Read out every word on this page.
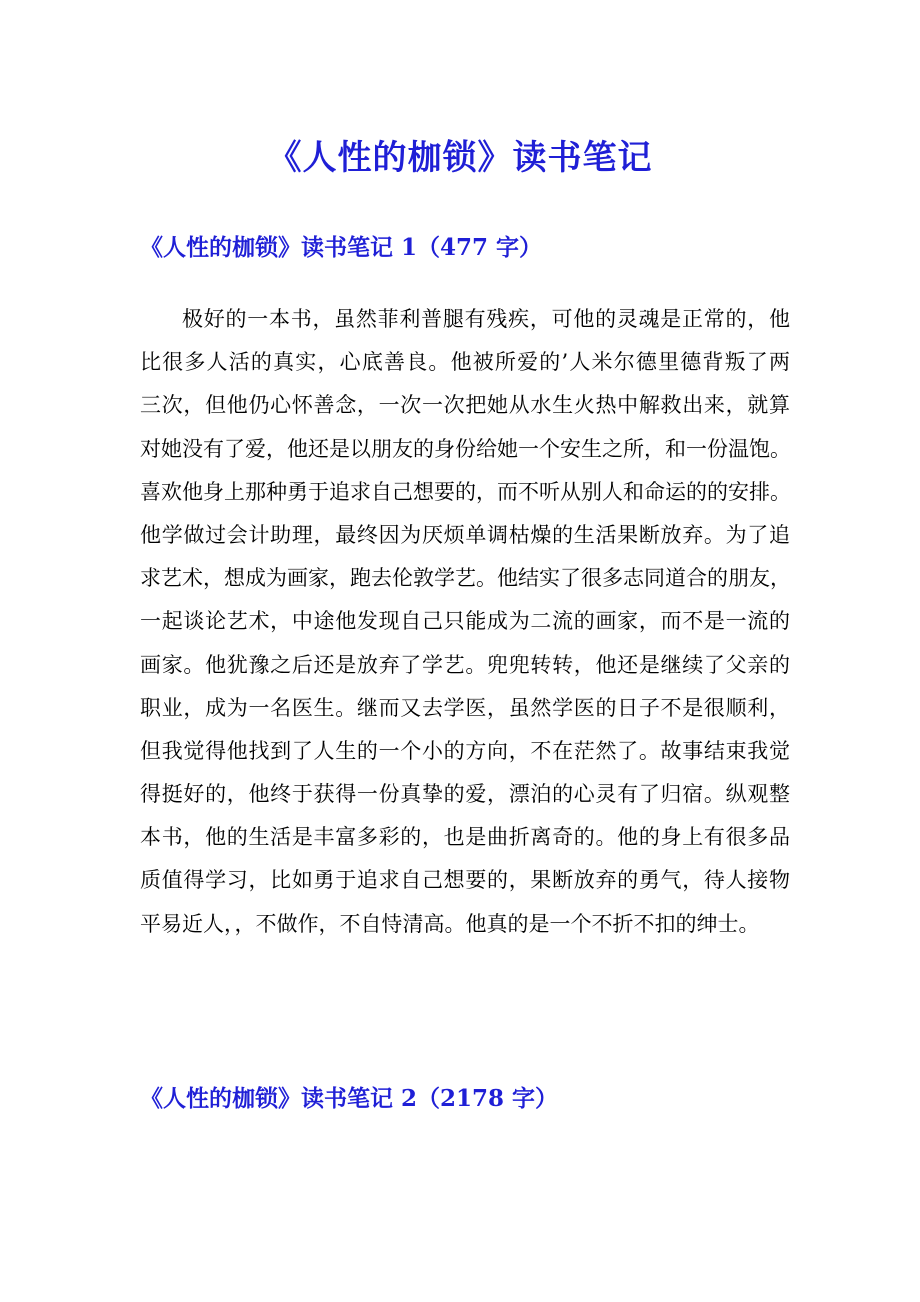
《人性的枷锁》读书笔记
《人性的枷锁》读书笔记 1（477 字）
极好的一本书，虽然菲利普腿有残疾，可他的灵魂是正常的，他
比很多人活的真实，心底善良。他被所爱的’人米尔德里德背叛了两
三次，但他仍心怀善念，一次一次把她从水生火热中解救出来，就算
对她没有了爱，他还是以朋友的身份给她一个安生之所，和一份温饱。
喜欢他身上那种勇于追求自己想要的，而不听从别人和命运的的安排。
他学做过会计助理，最终因为厌烦单调枯燥的生活果断放弃。为了追
求艺术，想成为画家，跑去伦敦学艺。他结实了很多志同道合的朋友，
一起谈论艺术，中途他发现自己只能成为二流的画家，而不是一流的
画家。他犹豫之后还是放弃了学艺。兜兜转转，他还是继续了父亲的
职业，成为一名医生。继而又去学医，虽然学医的日子不是很顺利，
但我觉得他找到了人生的一个小的方向，不在茫然了。故事结束我觉
得挺好的，他终于获得一份真挚的爱，漂泊的心灵有了归宿。纵观整
本书，他的生活是丰富多彩的，也是曲折离奇的。他的身上有很多品
质值得学习，比如勇于追求自己想要的，果断放弃的勇气，待人接物
平易近人，，不做作，不自恃清高。他真的是一个不折不扣的绅士。
《人性的枷锁》读书笔记 2（2178 字）
